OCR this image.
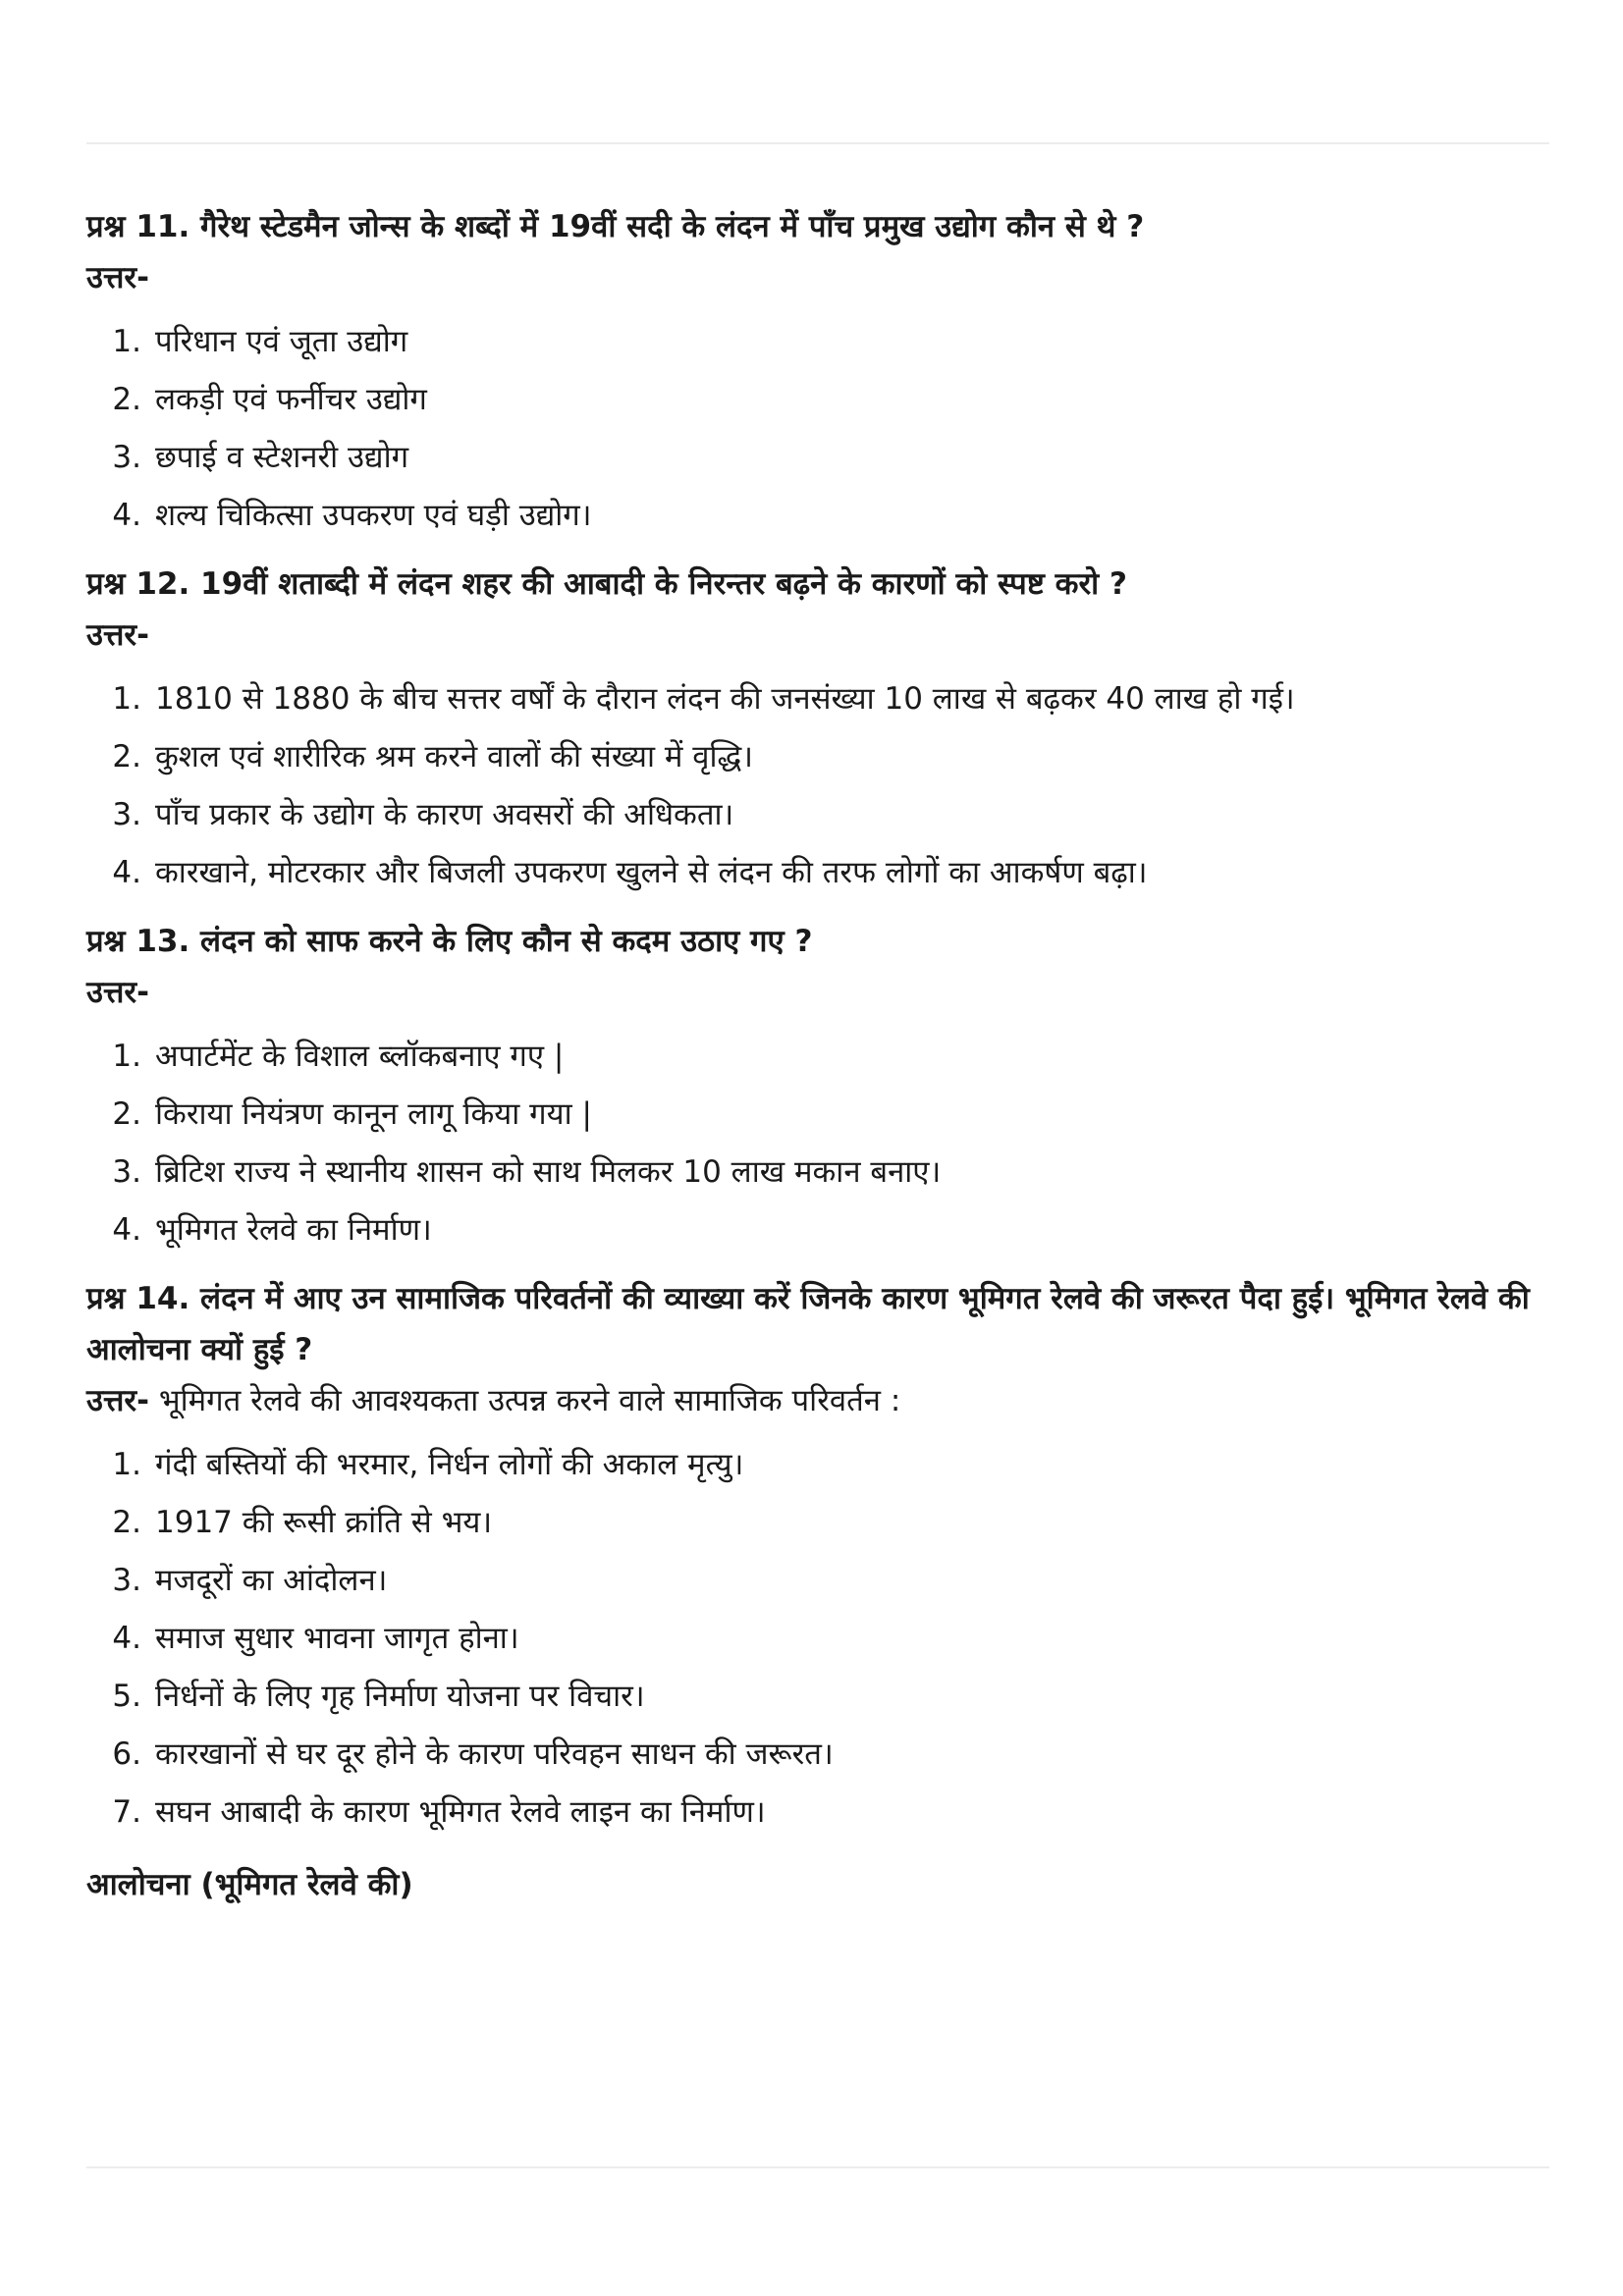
प्रश्न 11. गैरेथ स्टेडमैन जोन्स के शब्दों में 19वीं सदी के लंदन में पाँच प्रमुख उद्योग कौन से थे ?

उत्तर-

1. परिधान एवं जूता उद्योग
2. लकड़ी एवं फर्नीचर उद्योग
3. छपाई व स्टेशनरी उद्योग
4. शल्य चिकित्सा उपकरण एवं घड़ी उद्योग।

प्रश्न 12. 19वीं शताब्दी में लंदन शहर की आबादी के निरन्तर बढ़ने के कारणों को स्पष्ट करो ?

उत्तर-

1. 1810 से 1880 के बीच सत्तर वर्षों के दौरान लंदन की जनसंख्या 10 लाख से बढ़कर 40 लाख हो गई।
2. कुशल एवं शारीरिक श्रम करने वालों की संख्या में वृद्धि।
3. पाँच प्रकार के उद्योग के कारण अवसरों की अधिकता।
4. कारखाने, मोटरकार और बिजली उपकरण खुलने से लंदन की तरफ लोगों का आकर्षण बढ़ा।

प्रश्न 13. लंदन को साफ करने के लिए कौन से कदम उठाए गए ?

उत्तर-

1. अपार्टमेंट के विशाल ब्लॉकबनाए गए |
2. किराया नियंत्रण कानून लागू किया गया |
3. ब्रिटिश राज्य ने स्थानीय शासन को साथ मिलकर 10 लाख मकान बनाए।
4. भूमिगत रेलवे का निर्माण।

प्रश्न 14. लंदन में आए उन सामाजिक परिवर्तनों की व्याख्या करें जिनके कारण भूमिगत रेलवे की जरूरत पैदा हुई। भूमिगत रेलवे की आलोचना क्यों हुई ?

उत्तर- भूमिगत रेलवे की आवश्यकता उत्पन्न करने वाले सामाजिक परिवर्तन :

1. गंदी बस्तियों की भरमार, निर्धन लोगों की अकाल मृत्यु।
2. 1917 की रूसी क्रांति से भय।
3. मजदूरों का आंदोलन।
4. समाज सुधार भावना जागृत होना।
5. निर्धनों के लिए गृह निर्माण योजना पर विचार।
6. कारखानों से घर दूर होने के कारण परिवहन साधन की जरूरत।
7. सघन आबादी के कारण भूमिगत रेलवे लाइन का निर्माण।

आलोचना (भूमिगत रेलवे की)
